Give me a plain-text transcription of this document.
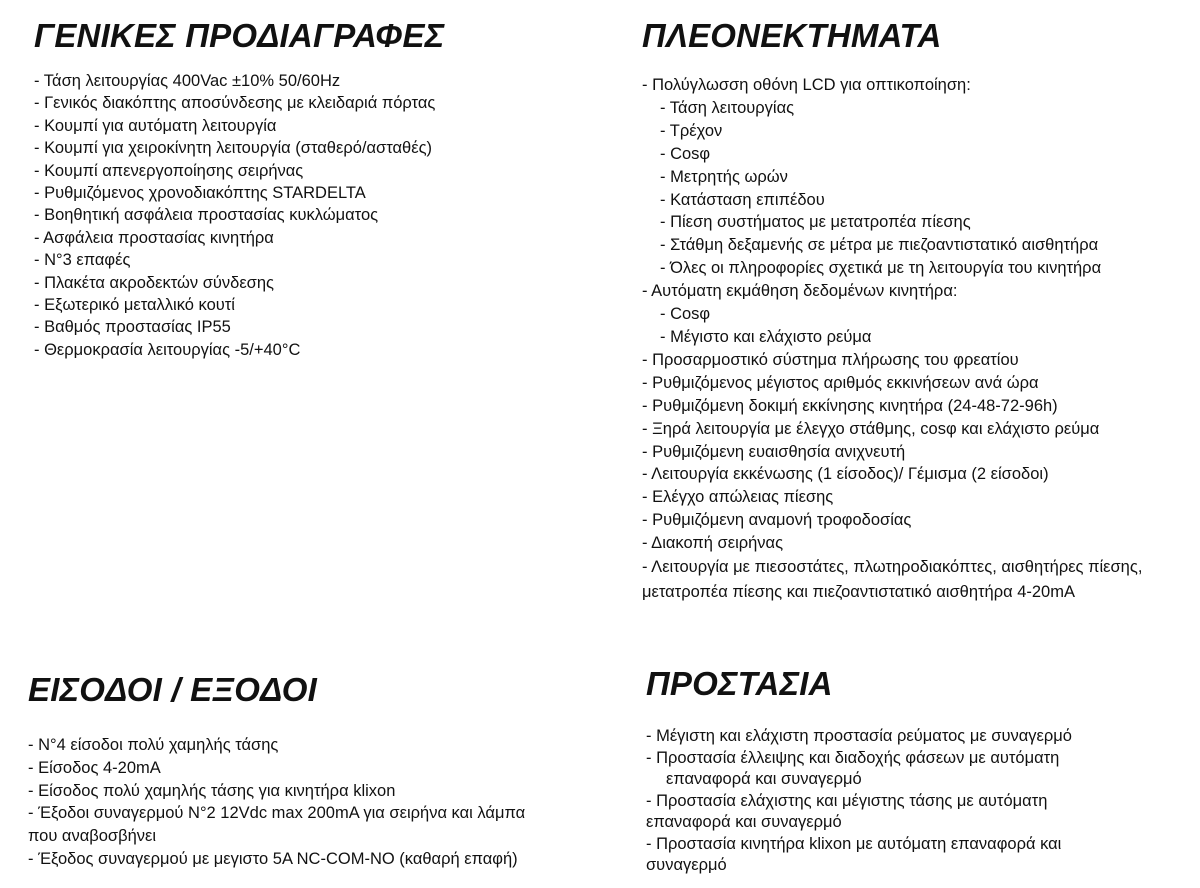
ΓΕΝΙΚΕΣ ΠΡΟΔΙΑΓΡΑΦΕΣ
- Τάση λειτουργίας 400Vac ±10% 50/60Hz
- Γενικός διακόπτης αποσύνδεσης με κλειδαριά πόρτας
- Κουμπί για αυτόματη λειτουργία
- Κουμπί για χειροκίνητη λειτουργία (σταθερό/ασταθές)
- Κουμπί απενεργοποίησης σειρήνας
- Ρυθμιζόμενος χρονοδιακόπτης STARDELTA
- Βοηθητική ασφάλεια προστασίας κυκλώματος
- Ασφάλεια προστασίας κινητήρα
- N°3 επαφές
- Πλακέτα ακροδεκτών σύνδεσης
- Εξωτερικό μεταλλικό κουτί
- Βαθμός προστασίας IP55
- Θερμοκρασία λειτουργίας -5/+40°C
ΠΛΕΟΝΕΚΤΗΜΑΤΑ
- Πολύγλωσση οθόνη LCD για οπτικοποίηση:
- Τάση λειτουργίας
- Τρέχον
- Cosφ
- Μετρητής ωρών
- Κατάσταση επιπέδου
- Πίεση συστήματος με μετατροπέα πίεσης
- Στάθμη δεξαμενής σε μέτρα με πιεζοαντιστατικό αισθητήρα
- Όλες οι πληροφορίες σχετικά με τη λειτουργία του κινητήρα
- Αυτόματη εκμάθηση δεδομένων κινητήρα:
- Cosφ
- Μέγιστο και ελάχιστο ρεύμα
- Προσαρμοστικό σύστημα πλήρωσης του φρεατίου
- Ρυθμιζόμενος μέγιστος αριθμός εκκινήσεων ανά ώρα
- Ρυθμιζόμενη δοκιμή εκκίνησης κινητήρα (24-48-72-96h)
- Ξηρά λειτουργία με έλεγχο στάθμης, cosφ και ελάχιστο ρεύμα
- Ρυθμιζόμενη ευαισθησία ανιχνευτή
- Λειτουργία εκκένωσης (1 είσοδος)/ Γέμισμα (2 είσοδοι)
- Ελέγχο απώλειας πίεσης
- Ρυθμιζόμενη αναμονή τροφοδοσίας
- Διακοπή σειρήνας
- Λειτουργία με πιεσοστάτες, πλωτηροδιακόπτες, αισθητήρες πίεσης, μετατροπέα πίεσης και πιεζοαντιστατικό αισθητήρα 4-20mA
ΕΙΣΟΔΟΙ / ΕΞΟΔΟΙ
- N°4 είσοδοι πολύ χαμηλής τάσης
- Είσοδος 4-20mA
- Είσοδος πολύ χαμηλής τάσης για κινητήρα klixon
- Έξοδοι συναγερμού N°2 12Vdc max 200mA για σειρήνα και λάμπα που αναβοσβήνει
- Έξοδος συναγερμού με μεγιστο 5A NC-COM-NO (καθαρή επαφή)
ΠΡΟΣΤΑΣΙΑ
- Μέγιστη και ελάχιστη προστασία ρεύματος με συναγερμό
- Προστασία έλλειψης και διαδοχής φάσεων με αυτόματη επαναφορά και συναγερμό
- Προστασία ελάχιστης και μέγιστης τάσης με αυτόματη επαναφορά και συναγερμό
- Προστασία κινητήρα klixon με αυτόματη επαναφορά και συναγερμό
